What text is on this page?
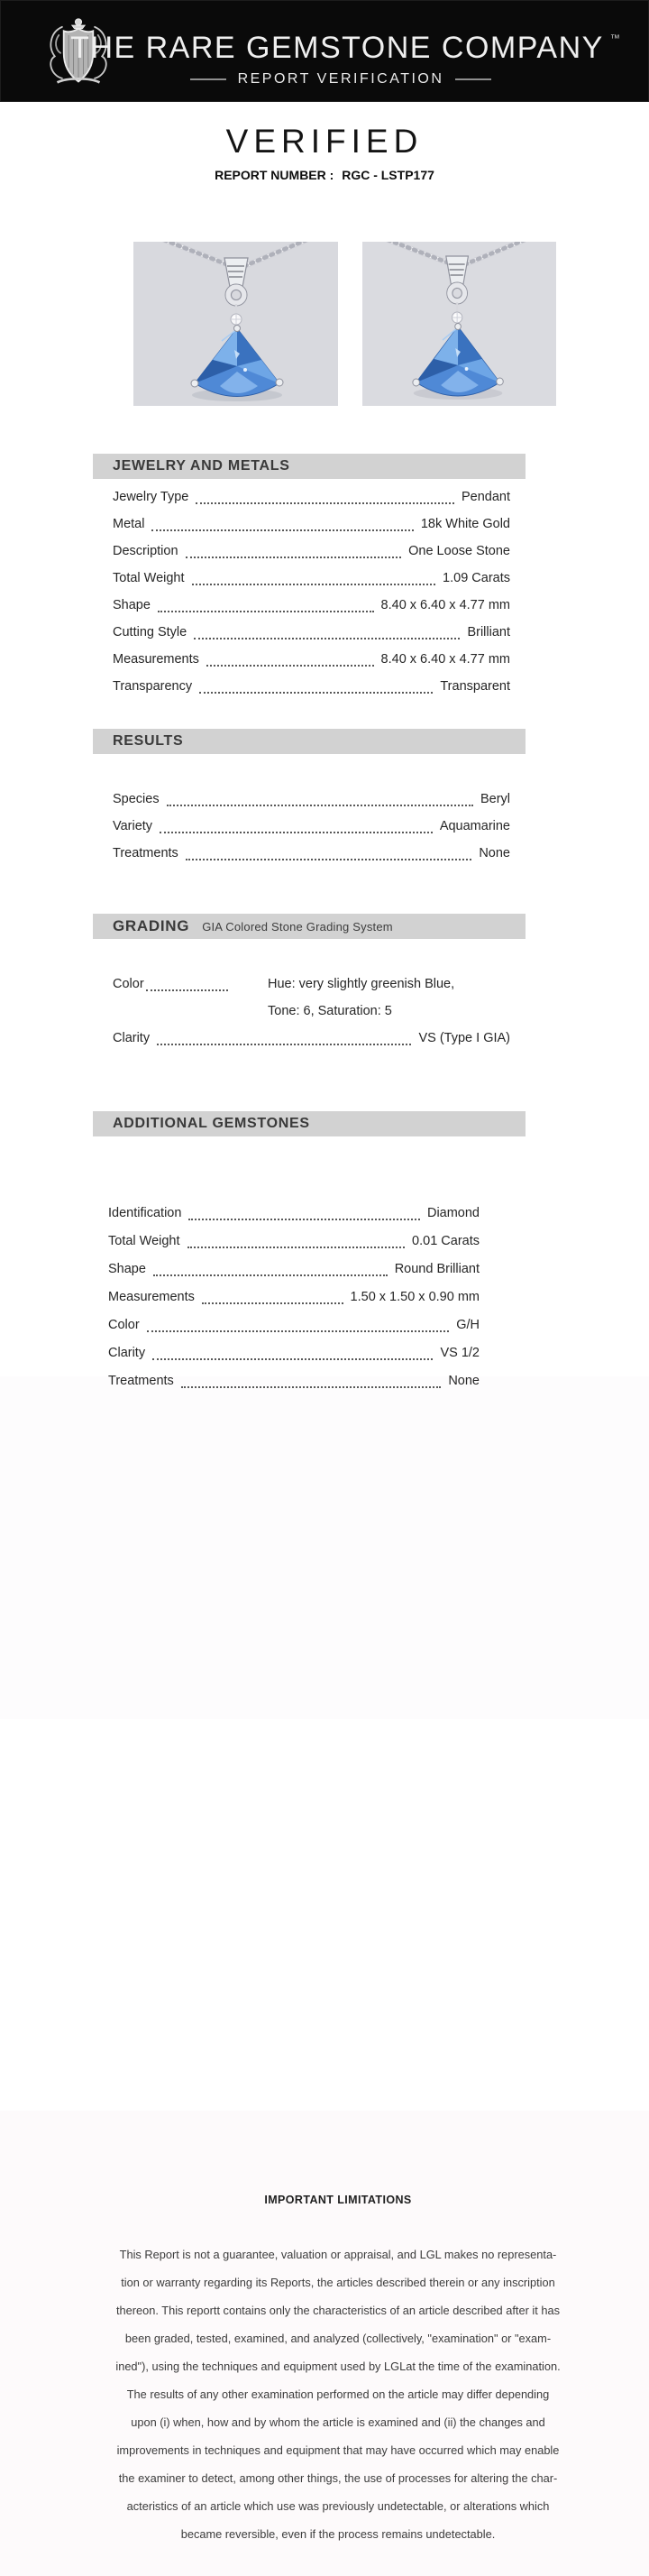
THE RARE GEMSTONE COMPANY ™
REPORT VERIFICATION
VERIFIED
REPORT NUMBER : RGC - LSTP177
JEWELRY AND METALS
Jewelry Type	Pendant
Metal	18k White Gold
Description	One Loose Stone
Total Weight	1.09 Carats
Shape	8.40 x 6.40 x 4.77 mm
Cutting Style	Brilliant
Measurements	8.40 x 6.40 x 4.77 mm
Transparency	Transparent
RESULTS
Species	Beryl
Variety	Aquamarine
Treatments	None
GRADING GIA Colored Stone Grading System
Color	Hue: very slightly greenish Blue,
Tone: 6, Saturation: 5
Clarity	VS (Type I GIA)
ADDITIONAL GEMSTONES
Identification	Diamond
Total Weight	0.01 Carats
Shape	Round Brilliant
Measurements	1.50 x 1.50 x 0.90 mm
Color	G/H
Clarity	VS 1/2
Treatments	None
IMPORTANT LIMITATIONS
This Report is not a guarantee, valuation or appraisal, and LGL makes no representa-
tion or warranty regarding its Reports, the articles described therein or any inscription
thereon. This reportt contains only the characteristics of an article described after it has
been graded, tested, examined, and analyzed (collectively, "examination" or "exam-
ined"), using the techniques and equipment used by LGLat the time of the examination.
The results of any other examination performed on the article may differ depending
upon (i) when, how and by whom the article is examined and (ii) the changes and
improvements in techniques and equipment that may have occurred which may enable
the examiner to detect, among other things, the use of processes for altering the char-
acteristics of an article which use was previously undetectable, or alterations which
became reversible, even if the process remains undetectable.
